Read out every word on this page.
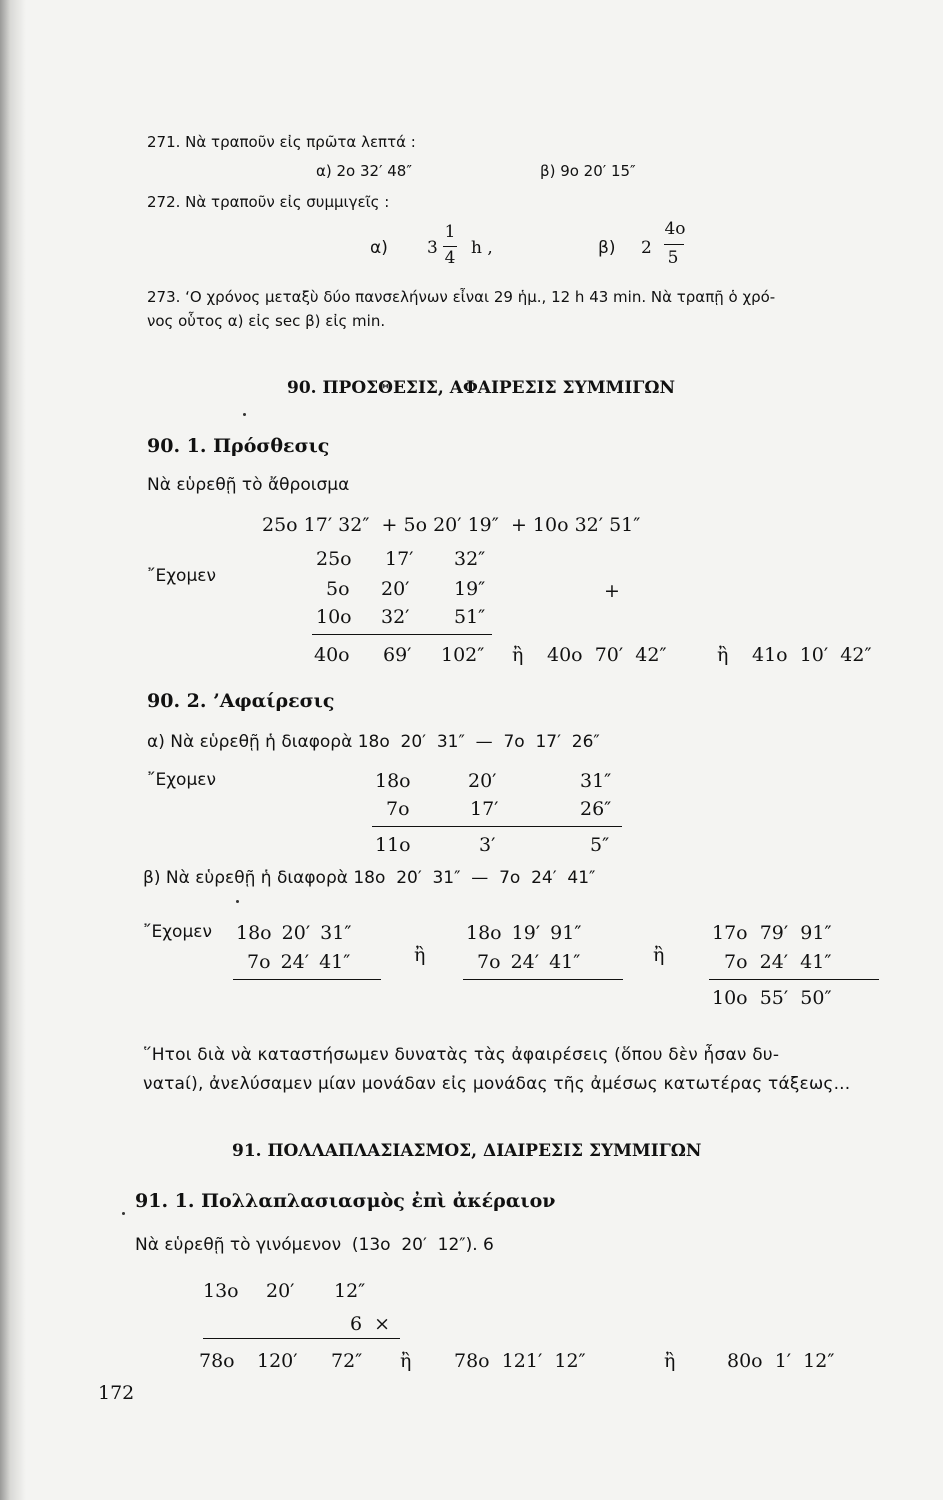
271. Νὰ τραποῦν εἰς πρῶτα λεπτά :
α) 2ο 32′ 48″	β) 9ο 20′ 15″
272. Νὰ τραποῦν εἰς συμμιγεῖς :
α) 3
1
4 h ,	β) 2
4ο
5
273. ‘Ο χρόνος μεταξὺ δύο πανσελήνων εἶναι 29 ἡμ., 12 h 43 min. Νὰ τραπῇ ὁ χρό-
νος οὗτος α) εἰς sec β) εἰς min.
90. ΠΡΟΣΘΕΣΙΣ, ΑΦΑΙΡΕΣΙΣ ΣΥΜΜΙΓΩΝ
90. 1. Πρόσθεσις
Νὰ εὑρεθῇ τὸ ἄθροισμα
25ο 17′ 32″  + 5ο 20′ 19″  + 10ο 32′ 51″
῎Εχομεν
25ο 17′ 32″
5ο 20′ 19″	+
10ο 32′ 51″
40ο 69′ 102″ ἢ 40ο  70′  42″	ἢ 41ο  10′  42″
90. 2. ’Αφαίρεσις
α) Νὰ εὑρεθῇ ἡ διαφορὰ 18ο  20′  31″  —  7ο  17′  26″
῎Εχομεν	18ο	20′	31″
7ο	17′	26″
11ο	3′	5″
β) Νὰ εὑρεθῇ ἡ διαφορὰ 18ο  20′  31″  —  7ο  24′  41″
῎Εχομεν 18ο 20′ 31″
7ο 24′ 41″	ἢ
18ο 19′ 91″
7ο 24′ 41″	ἢ
17ο  79′  91″
7ο  24′  41″
10ο  55′  50″
῞Ητοι διὰ νὰ καταστήσωμεν δυνατὰς τὰς ἀφαιρέσεις (ὅπου δὲν ἦσαν δυ-
νατaί), ἀνελύσαμεν μίαν μονάδαν εἰς μονάδας τῆς ἀμέσως κατωτέρας τάξεως...
91. ΠΟΛΛΑΠΛΑΣΙΑΣΜΟΣ, ΔΙΑΙΡΕΣΙΣ ΣΥΜΜΙΓΩΝ
91. 1. Πολλαπλασιασμὸς ἐπὶ ἀκέραιον
Νὰ εὑρεθῇ τὸ γινόμενον  (13ο  20′  12″). 6
13ο 20′ 12″
6  ×
78ο 120′ 72″ ἢ 78ο  121′  12″	ἢ	80ο  1′  12″
172
